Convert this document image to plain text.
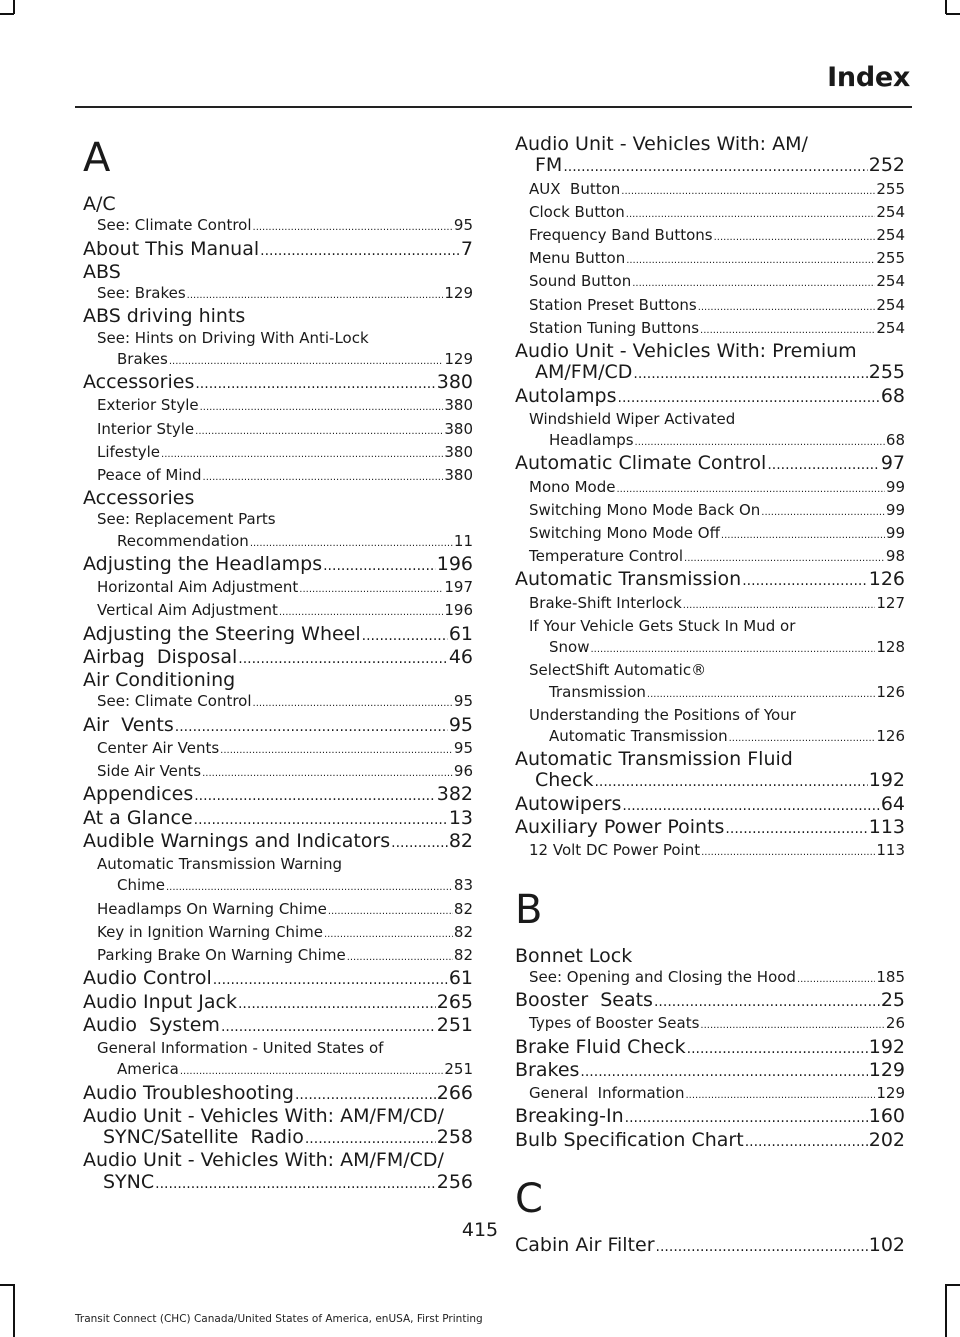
Index
A
A/C
See: Climate Control .....	95
About This Manual .....	7
ABS
See: Brakes .....	129
ABS driving hints
See: Hints on Driving With Anti-Lock
Brakes .....	129
Accessories .....	380
Exterior Style .....	380
Interior Style .....	380
Lifestyle .....	380
Peace of Mind .....	380
Accessories
See: Replacement Parts
Recommendation .....	11
Adjusting the Headlamps .....	196
Horizontal Aim Adjustment .....	197
Vertical Aim Adjustment .....	196
Adjusting the Steering Wheel .....	61
Airbag  Disposal .....	46
Air Conditioning
See: Climate Control .....	95
Air  Vents .....	95
Center Air Vents .....	95
Side Air Vents .....	96
Appendices .....	382
At a Glance .....	13
Audible Warnings and Indicators .....	82
Automatic Transmission Warning
Chime .....	83
Headlamps On Warning Chime .....	82
Key in Ignition Warning Chime .....	82
Parking Brake On Warning Chime .....	82
Audio Control .....	61
Audio Input Jack .....	265
Audio  System .....	251
General Information - United States of
America .....	251
Audio Troubleshooting .....	266
Audio Unit - Vehicles With: AM/FM/CD/
SYNC/Satellite  Radio .....	258
Audio Unit - Vehicles With: AM/FM/CD/
SYNC .....	256
Audio Unit - Vehicles With: AM/
FM .....	252
AUX  Button .....	255
Clock Button .....	254
Frequency Band Buttons .....	254
Menu Button .....	255
Sound Button .....	254
Station Preset Buttons .....	254
Station Tuning Buttons .....	254
Audio Unit - Vehicles With: Premium
AM/FM/CD .....	255
Autolamps .....	68
Windshield Wiper Activated
Headlamps .....	68
Automatic Climate Control .....	97
Mono Mode .....	99
Switching Mono Mode Back On .....	99
Switching Mono Mode Off .....	99
Temperature Control .....	98
Automatic Transmission .....	126
Brake-Shift Interlock .....	127
If Your Vehicle Gets Stuck In Mud or
Snow .....	128
SelectShift Automatic®
Transmission .....	126
Understanding the Positions of Your
Automatic Transmission .....	126
Automatic Transmission Fluid
Check .....	192
Autowipers .....	64
Auxiliary Power Points .....	113
12 Volt DC Power Point .....	113
B
Bonnet Lock
See: Opening and Closing the Hood .....	185
Booster  Seats .....	25
Types of Booster Seats .....	26
Brake Fluid Check .....	192
Brakes .....	129
General  Information .....	129
Breaking-In .....	160
Bulb Specification Chart .....	202
C
Cabin Air Filter .....	102
415
Transit Connect (CHC) Canada/United States of America, enUSA, First Printing
